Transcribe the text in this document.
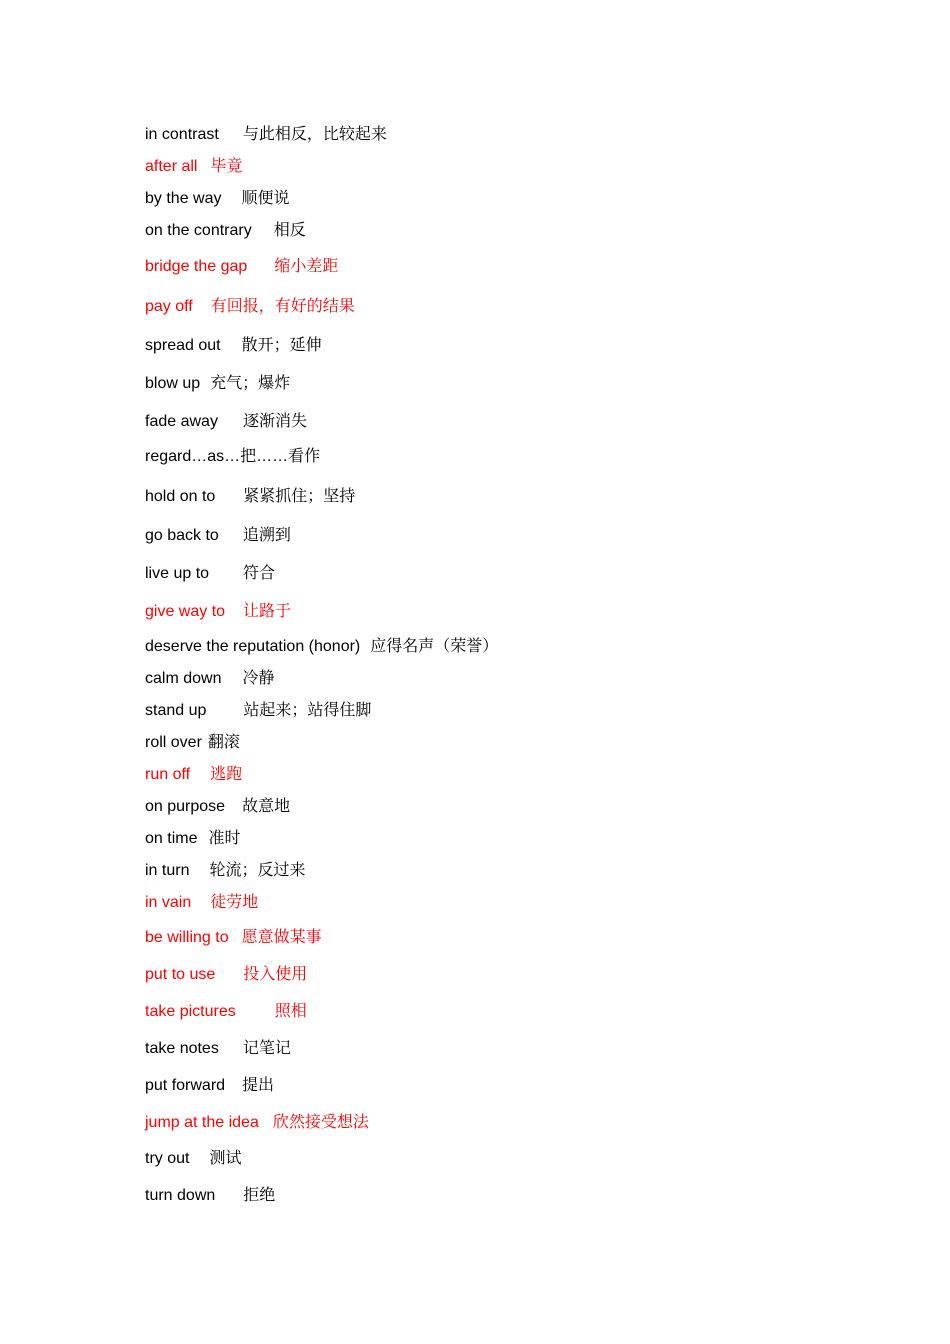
in contrast 与此相反，比较起来
after all 毕竟
by the way 顺便说
on the contrary 相反
bridge the gap 缩小差距
pay off 有回报，有好的结果
spread out 散开；延伸
blow up 充气；爆炸
fade away 逐渐消失
regard…as…把……看作
hold on to 紧紧抓住；坚持
go back to 追溯到
live up to 符合
give way to 让路于
deserve the reputation (honor) 应得名声（荣誉）
calm down 冷静
stand up 站起来；站得住脚
roll over 翻滚
run off 逃跑
on purpose 故意地
on time 准时
in turn 轮流；反过来
in vain 徒劳地
be willing to 愿意做某事
put to use 投入使用
take pictures 照相
take notes 记笔记
put forward 提出
jump at the idea 欣然接受想法
try out 测试
turn down 拒绝
